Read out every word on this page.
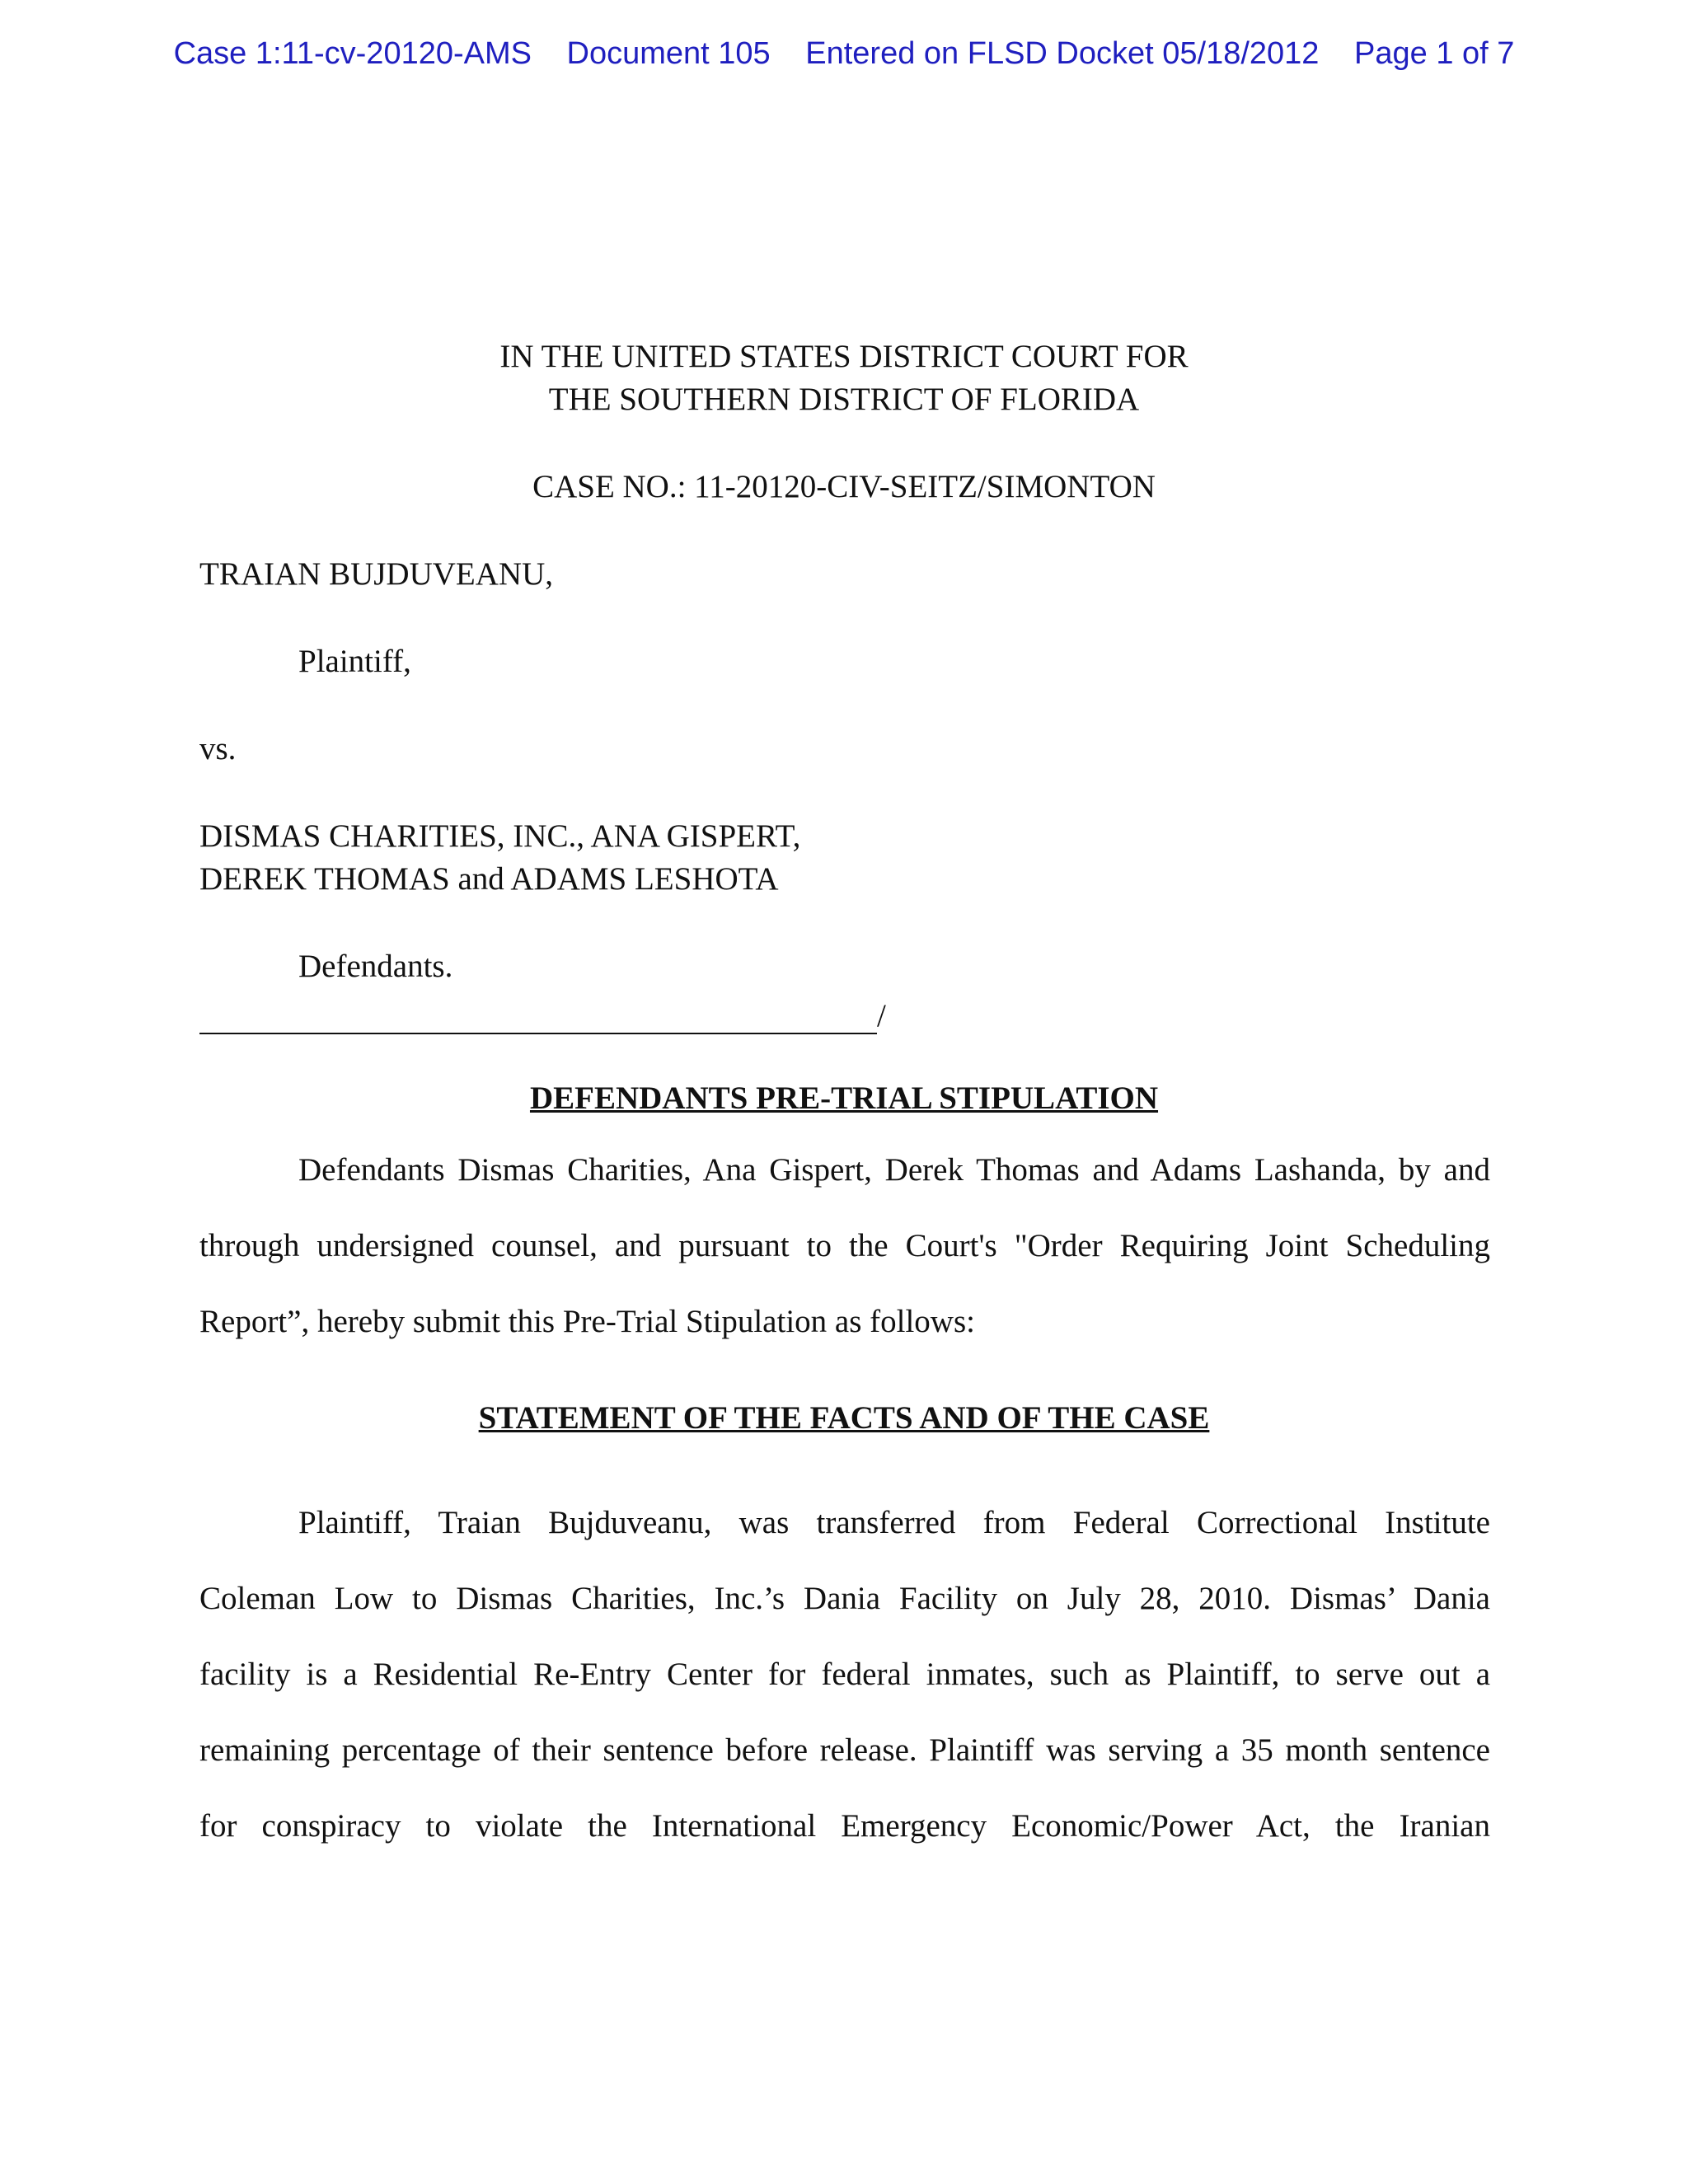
Case 1:11-cv-20120-AMS Document 105 Entered on FLSD Docket 05/18/2012 Page 1 of 7
IN THE UNITED STATES DISTRICT COURT FOR
THE SOUTHERN DISTRICT OF FLORIDA
CASE NO.: 11-20120-CIV-SEITZ/SIMONTON
TRAIAN BUJDUVEANU,
Plaintiff,
vs.
DISMAS CHARITIES, INC., ANA GISPERT,
DEREK THOMAS and ADAMS LESHOTA
Defendants.
/
DEFENDANTS PRE-TRIAL STIPULATION
Defendants Dismas Charities, Ana Gispert, Derek Thomas and Adams Lashanda, by and
through undersigned counsel, and pursuant to the Court's "Order Requiring Joint Scheduling
Report”, hereby submit this Pre-Trial Stipulation as follows:
STATEMENT OF THE FACTS AND OF THE CASE
Plaintiff, Traian Bujduveanu, was transferred from Federal Correctional Institute
Coleman Low to Dismas Charities, Inc.’s Dania Facility on July 28, 2010. Dismas’ Dania
facility is a Residential Re-Entry Center for federal inmates, such as Plaintiff, to serve out a
remaining percentage of their sentence before release. Plaintiff was serving a 35 month sentence
for conspiracy to violate the International Emergency Economic/Power Act, the Iranian
